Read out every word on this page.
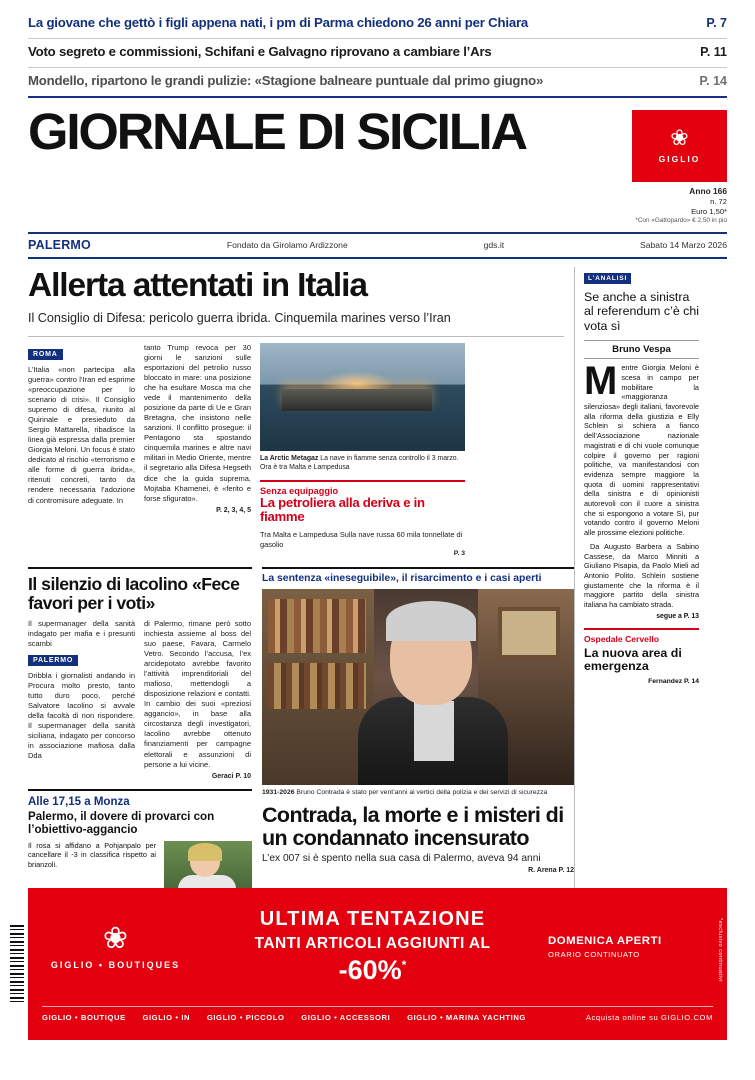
La giovane che gettò i figli appena nati, i pm di Parma chiedono 26 anni per Chiara	P. 7
Voto segreto e commissioni, Schifani e Galvagno riprovano a cambiare l’Ars	P. 11
Mondello, ripartono le grandi pulizie: «Stagione balneare puntuale dal primo giugno»	P. 14
GIORNALE DI SICILIA	❀
GIGLIO
Anno 166
n. 72
Euro 1,50*
*Con «Gattopardo» € 2,50 in più
PALERMO	Fondato da Girolamo Ardizzone	gds.it	Sabato 14 Marzo 2026
Allerta attentati in Italia
Il Consiglio di Difesa: pericolo guerra ibrida. Cinquemila marines verso l’Iran
ROMA
L’Italia «non partecipa alla guerra» contro l’Iran ed esprime «preoccupazione per lo scenario di crisi». Il Consiglio supremo di difesa, riunito al Quirinale e presieduto da Sergio Mattarella, ribadisce la linea già espressa dalla premier Giorgia Meloni. Un focus è stato dedicato al rischio «terrorismo e alle forme di guerra ibrida», ritenuti concreti, tanto da rendere necessaria l’adozione di contromisure adeguate. In
tanto Trump revoca per 30 giorni le sanzioni sulle esportazioni del petrolio russo bloccato in mare: una posizione che ha esultare Mosca ma che vede il mantenimento della posizione da parte di Ue e Gran Bretagna, che insistono nelle sanzioni. Il conflitto prosegue: il Pentagono sta spostando cinquemila marines e altre navi militari in Medio Oriente, mentre il segretario alla Difesa Hegseth dice che la guida suprema, Mojtaba Khamenei, è «ferito e forse sfigurato».
P. 2, 3, 4, 5
La Arctic Metagaz La nave in fiamme senza controllo il 3 marzo. Ora è tra Malta e Lampedusa
Senza equipaggio
La petroliera alla deriva e in fiamme
Tra Malta e Lampedusa Sulla nave russa 60 mila tonnellate di gasolio
P. 3
Il silenzio di Iacolino «Fece favori per i voti»
Il supermanager della sanità indagato per mafia e i presunti scambi
PALERMO
Dribbla i giornalisti andando in Procura molto presto, tanto tutto duro poco, perché Salvatore Iacolino si avvale della facoltà di non rispondere. Il supermanager della sanità siciliana, indagato per concorso in associazione mafiosa dalla Dda
di Palermo, rimane però sotto inchiesta assieme al boss del suo paese, Favara, Carmelo Vetro. Secondo l’accusa, l’ex arcidepotato avrebbe favorito l’attività imprenditoriali del mafioso, mettendogli a disposizione relazioni e contatti. In cambio dei suoi «preziosi aggancio», in base alla circostanza degli investigatori, Iacolino avrebbe ottenuto finanziamenti per campagne elettorali e assunzioni di persone a lui vicine.
Geraci P. 10
Alle 17,15 a Monza
Palermo, il dovere di provarci con l’obiettivo-aggancio
Il rosa si affidano a Pohjanpalo per cancellare il -3 in classifica rispetto ai brianzoli.
La sentenza «ineseguibile», il risarcimento e i casi aperti
1931-2026 Bruno Contrada è stato per vent’anni ai vertici della polizia e dei servizi di sicurezza
Contrada, la morte e i misteri di un condannato incensurato
L’ex 007 si è spento nella sua casa di Palermo, aveva 94 anni
R. Arena P. 12
L’ANALISI
Se anche a sinistra al referendum c’è chi vota sì
Bruno Vespa
Mentre Giorgia Meloni è scesa in campo per mobilitare la «maggioranza silenziosa» degli italiani, favorevole alla riforma della giustizia e Elly Schlein si schiera a fianco dell’Associazione nazionale magistrati e di chi vuole comunque colpire il governo per ragioni politiche, va manifestandosi con evidenza sempre maggiore la quota di uomini rappresentativi della sinistra e di opinionisti autorevoli con il cuore a sinistra che si espongono a votare Sì, pur votando contro il governo Meloni alle prossime elezioni politiche.
Da Augusto Barbera a Sabino Cassese, da Marco Minniti a Giuliano Pisapia, da Paolo Mieli ad Antonio Polito. Schlein sostiene giustamente che la riforma è il maggiore partito della sinistra italiana ha cambiato strada.
segue a P. 13
Ospedale Cervello
La nuova area di emergenza
Fernandez P. 14
❀
GIGLIO • BOUTIQUES
ULTIMA TENTAZIONE
TANTI ARTICOLI AGGIUNTI AL
-60%*
DOMENICA APERTI
ORARIO CONTINUATO
GIGLIO • BOUTIQUE GIGLIO • IN GIGLIO • PICCOLO GIGLIO • ACCESSORI GIGLIO • MARINA YACHTING	Acquista online su GIGLIO.COM
*esclusivo continuativi
